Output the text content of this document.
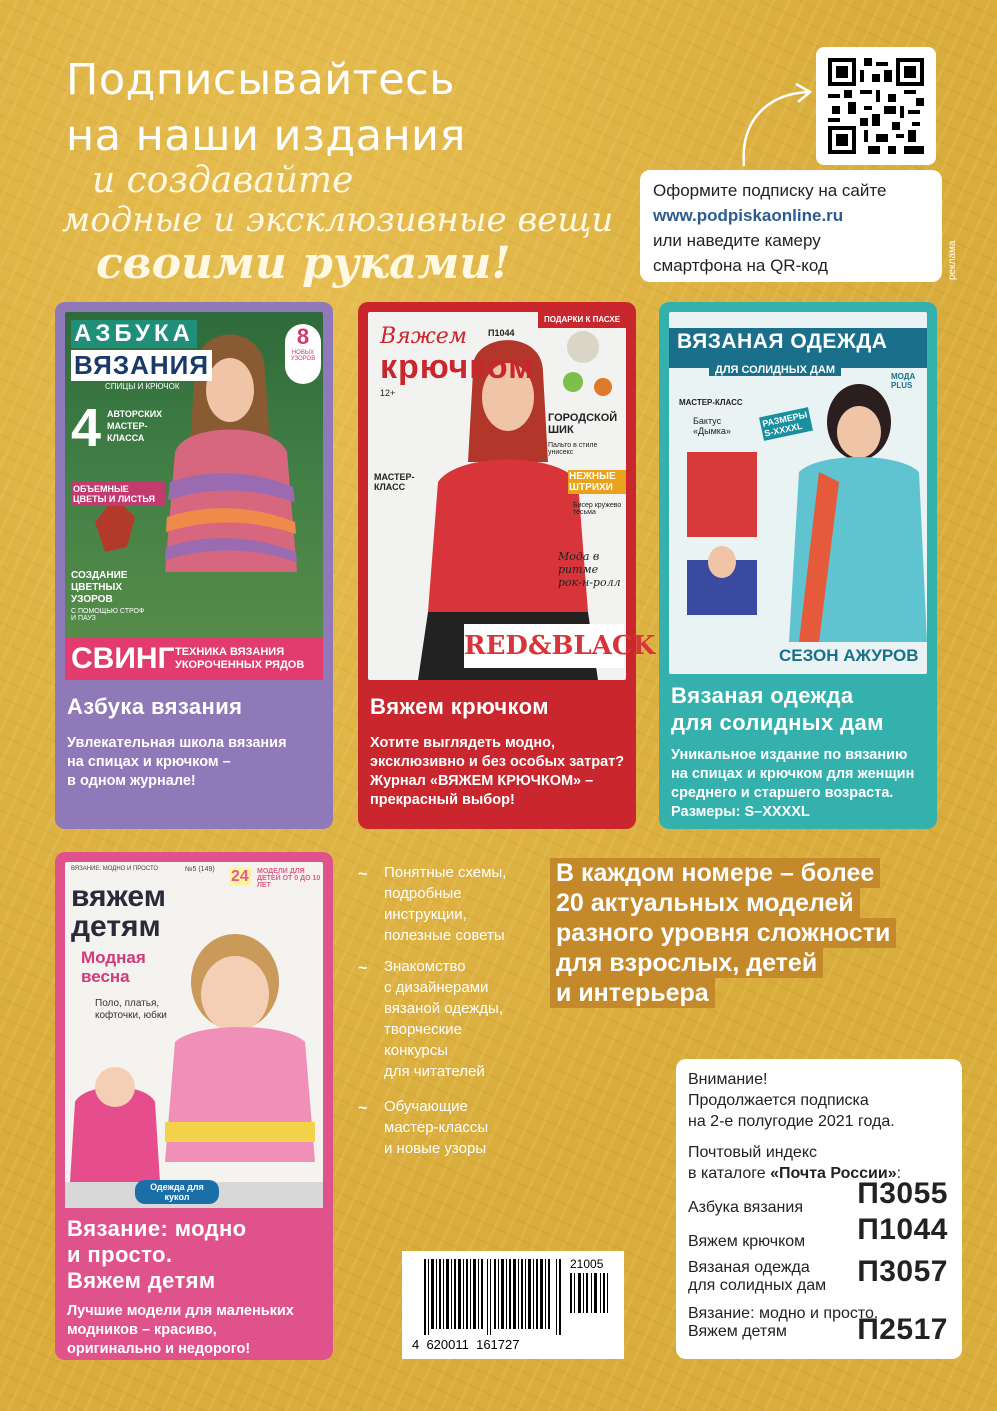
Подписывайтесь
на наши издания
и создавайте
модные и эксклюзивные вещи
своими руками!
Оформите подписку на сайте
www.podpiskaonline.ru
или наведите камеру
смартфона на QR-код	реклама
АЗБУКА
ВЯЗАНИЯ
СПИЦЫ И КРЮЧОК
8
НОВЫХ УЗОРОВ
4 АВТОРСКИХ МАСТЕР-КЛАССА
ОБЪЕМНЫЕ ЦВЕТЫ И ЛИСТЬЯ
СОЗДАНИЕ ЦВЕТНЫХ УЗОРОВ
С ПОМОЩЬЮ СТРОФ И ПАУЗ
СВИНГ ТЕХНИКА ВЯЗАНИЯ УКОРОЧЕННЫХ РЯДОВ
Азбука вязания
Увлекательная школа вязания
на спицах и крючком –
в одном журнале!
ПОДАРКИ К ПАСХЕ
Вяжем
крючком
П1044
12+
ГОРОДСКОЙ ШИК
Пальто в стиле унисекс
НЕЖНЫЕ ШТРИХИ
Бисер кружево тесьма
МАСТЕР-КЛАСС
Мода в ритме рок-н-ролл
RED&BLACK
Вяжем крючком
Хотите выглядеть модно,
эксклюзивно и без особых затрат?
Журнал «ВЯЖЕМ КРЮЧКОМ» –
прекрасный выбор!
ВЯЗАНАЯ ОДЕЖДА
ДЛЯ СОЛИДНЫХ ДАМ
МАСТЕР-КЛАСС
Бактус «Дымка»
РАЗМЕРЫ S-XXXXL
МОДА PLUS
СЕЗОН АЖУРОВ
Вязаная одежда
для солидных дам
Уникальное издание по вязанию
на спицах и крючком для женщин
среднего и старшего возраста.
Размеры: S–XXXXL
ВЯЗАНИЕ: МОДНО И ПРОСТО	№5 (149) 24 МОДЕЛИ ДЛЯ ДЕТЕЙ ОТ 0 ДО 10 ЛЕТ
вяжем
детям
Модная
весна
Поло, платья, кофточки, юбки
Одежда для кукол
Вязание: модно
и просто.
Вяжем детям
Лучшие модели для маленьких
модников – красиво,
оригинально и недорого!
~ Понятные схемы,
подробные
инструкции,
полезные советы
~ Знакомство
с дизайнерами
вязаной одежды,
творческие
конкурсы
для читателей
~ Обучающие
мастер-классы
и новые узоры
В каждом номере – более
20 актуальных моделей
разного уровня сложности
для взрослых, детей
и интерьера
21005
4  620011  161727
Внимание!
Продолжается подписка
на 2-е полугодие 2021 года.
Почтовый индекс
в каталоге «Почта России»:
Азбука вязания П3055
Вяжем крючком П1044
Вязаная одежда
для солидных дам П3057
Вязание: модно и просто.
Вяжем детям	П2517
